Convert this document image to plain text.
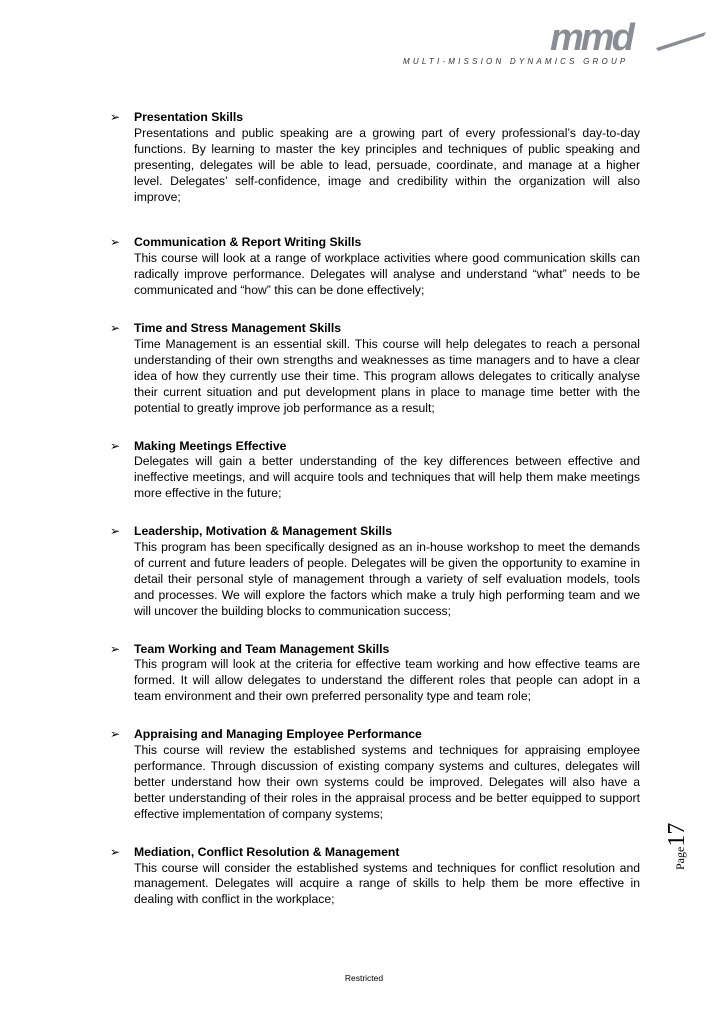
mmd
MULTI-MISSION DYNAMICS GROUP
➢ Presentation Skills
Presentations and public speaking are a growing part of every professional’s day-to-day functions. By learning to master the key principles and techniques of public speaking and presenting, delegates will be able to lead, persuade, coordinate, and manage at a higher level. Delegates’ self-confidence, image and credibility within the organization will also improve;
➢ Communication & Report Writing Skills
This course will look at a range of workplace activities where good communication skills can radically improve performance. Delegates will analyse and understand “what” needs to be communicated and “how” this can be done effectively;
➢ Time and Stress Management Skills
Time Management is an essential skill. This course will help delegates to reach a personal understanding of their own strengths and weaknesses as time managers and to have a clear idea of how they currently use their time. This program allows delegates to critically analyse their current situation and put development plans in place to manage time better with the potential to greatly improve job performance as a result;
➢ Making Meetings Effective
Delegates will gain a better understanding of the key differences between effective and ineffective meetings, and will acquire tools and techniques that will help them make meetings more effective in the future;
➢ Leadership, Motivation & Management Skills
This program has been specifically designed as an in-house workshop to meet the demands of current and future leaders of people. Delegates will be given the opportunity to examine in detail their personal style of management through a variety of self evaluation models, tools and processes. We will explore the factors which make a truly high performing team and we will uncover the building blocks to communication success;
➢ Team Working and Team Management Skills
This program will look at the criteria for effective team working and how effective teams are formed. It will allow delegates to understand the different roles that people can adopt in a team environment and their own preferred personality type and team role;
➢ Appraising and Managing Employee Performance
This course will review the established systems and techniques for appraising employee performance. Through discussion of existing company systems and cultures, delegates will better understand how their own systems could be improved. Delegates will also have a better understanding of their roles in the appraisal process and be better equipped to support effective implementation of company systems;
➢ Mediation, Conflict Resolution & Management
This course will consider the established systems and techniques for conflict resolution and management. Delegates will acquire a range of skills to help them be more effective in dealing with conflict in the workplace;
Page17
Restricted
